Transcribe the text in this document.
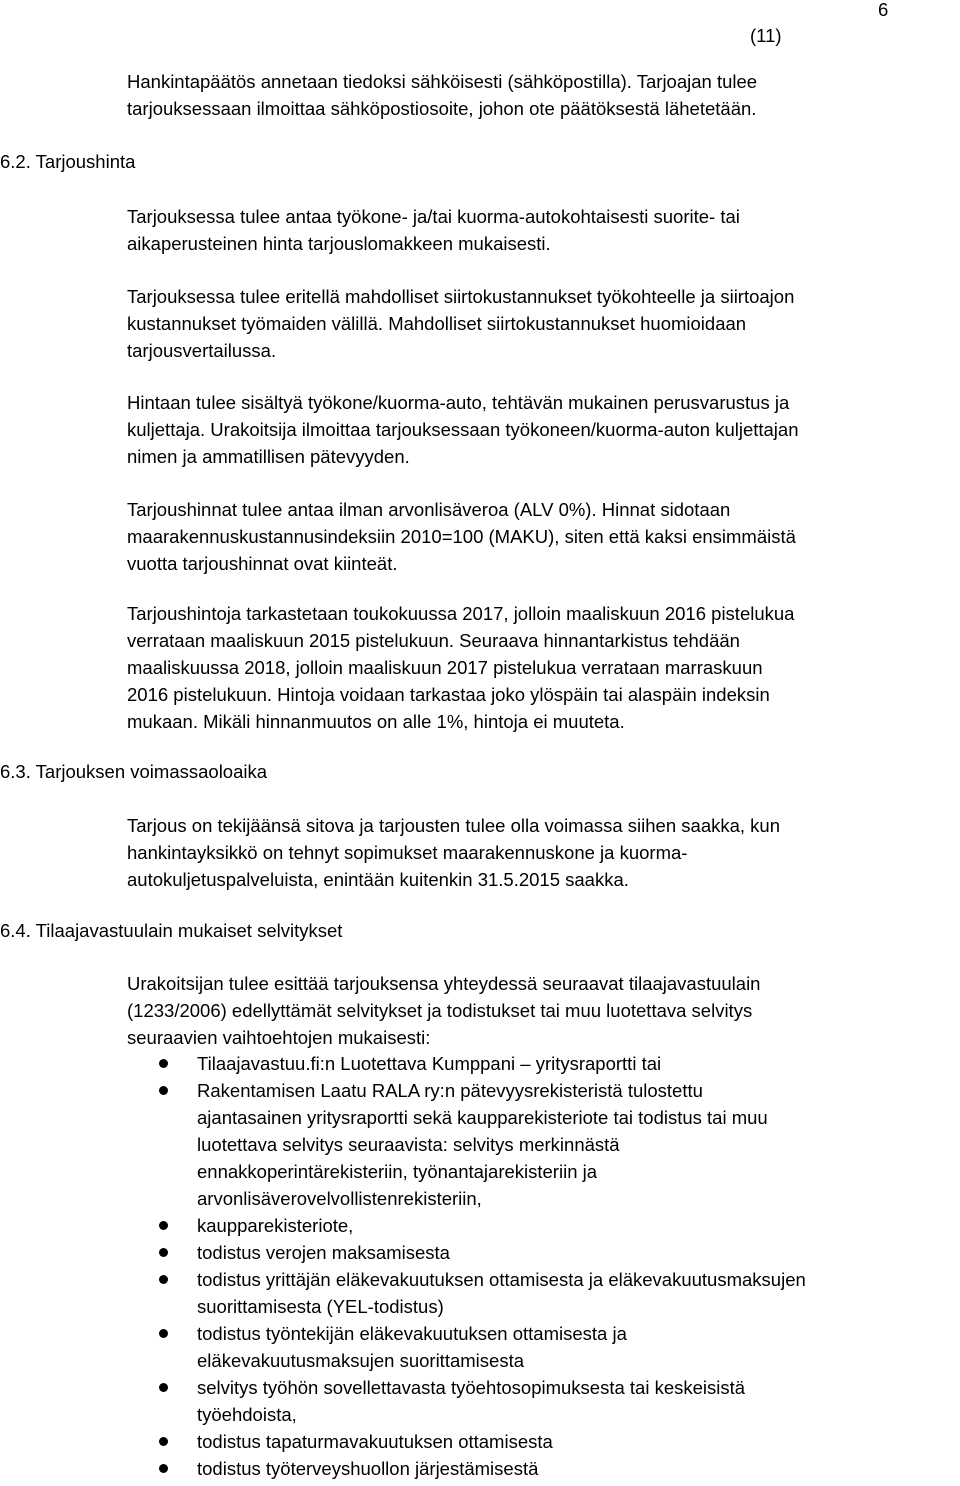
6
(11)
Hankintapäätös annetaan tiedoksi sähköisesti (sähköpostilla). Tarjoajan tulee
tarjouksessaan ilmoittaa sähköpostiosoite, johon ote päätöksestä lähetetään.
6.2. Tarjoushinta
Tarjouksessa tulee antaa työkone- ja/tai kuorma-autokohtaisesti suorite- tai
aikaperusteinen hinta tarjouslomakkeen mukaisesti.
Tarjouksessa tulee eritellä mahdolliset siirtokustannukset työkohteelle ja siirtoajon
kustannukset työmaiden välillä. Mahdolliset siirtokustannukset huomioidaan
tarjousvertailussa.
Hintaan tulee sisältyä työkone/kuorma-auto, tehtävän mukainen perusvarustus ja
kuljettaja. Urakoitsija ilmoittaa tarjouksessaan työkoneen/kuorma-auton kuljettajan
nimen ja ammatillisen pätevyyden.
Tarjoushinnat tulee antaa ilman arvonlisäveroa (ALV 0%). Hinnat sidotaan
maarakennuskustannusindeksiin 2010=100 (MAKU), siten että kaksi ensimmäistä
vuotta tarjoushinnat ovat kiinteät.
Tarjoushintoja tarkastetaan toukokuussa 2017, jolloin maaliskuun 2016 pistelukua
verrataan maaliskuun 2015 pistelukuun. Seuraava hinnantarkistus tehdään
maaliskuussa 2018, jolloin maaliskuun 2017 pistelukua verrataan marraskuun
2016 pistelukuun. Hintoja voidaan tarkastaa joko ylöspäin tai alaspäin indeksin
mukaan. Mikäli hinnanmuutos on alle 1%, hintoja ei muuteta.
6.3. Tarjouksen voimassaoloaika
Tarjous on tekijäänsä sitova ja tarjousten tulee olla voimassa siihen saakka, kun
hankintayksikkö on tehnyt sopimukset maarakennuskone ja kuorma-
autokuljetuspalveluista, enintään kuitenkin 31.5.2015 saakka.
6.4. Tilaajavastuulain mukaiset selvitykset
Urakoitsijan tulee esittää tarjouksensa yhteydessä seuraavat tilaajavastuulain
(1233/2006) edellyttämät selvitykset ja todistukset tai muu luotettava selvitys
seuraavien vaihtoehtojen mukaisesti:
Tilaajavastuu.fi:n Luotettava Kumppani – yritysraportti tai
Rakentamisen Laatu RALA ry:n pätevyysrekisteristä tulostettu
ajantasainen yritysraportti sekä kaupparekisteriote tai todistus tai muu
luotettava selvitys seuraavista: selvitys merkinnästä
ennakkoperintärekisteriin, työnantajarekisteriin ja
arvonlisäverovelvollistenrekisteriin,
kaupparekisteriote,
todistus verojen maksamisesta
todistus yrittäjän eläkevakuutuksen ottamisesta ja eläkevakuutusmaksujen
suorittamisesta (YEL-todistus)
todistus työntekijän eläkevakuutuksen ottamisesta ja
eläkevakuutusmaksujen suorittamisesta
selvitys työhön sovellettavasta työehtosopimuksesta tai keskeisistä
työehdoista,
todistus tapaturmavakuutuksen ottamisesta
todistus työterveyshuollon järjestämisestä
